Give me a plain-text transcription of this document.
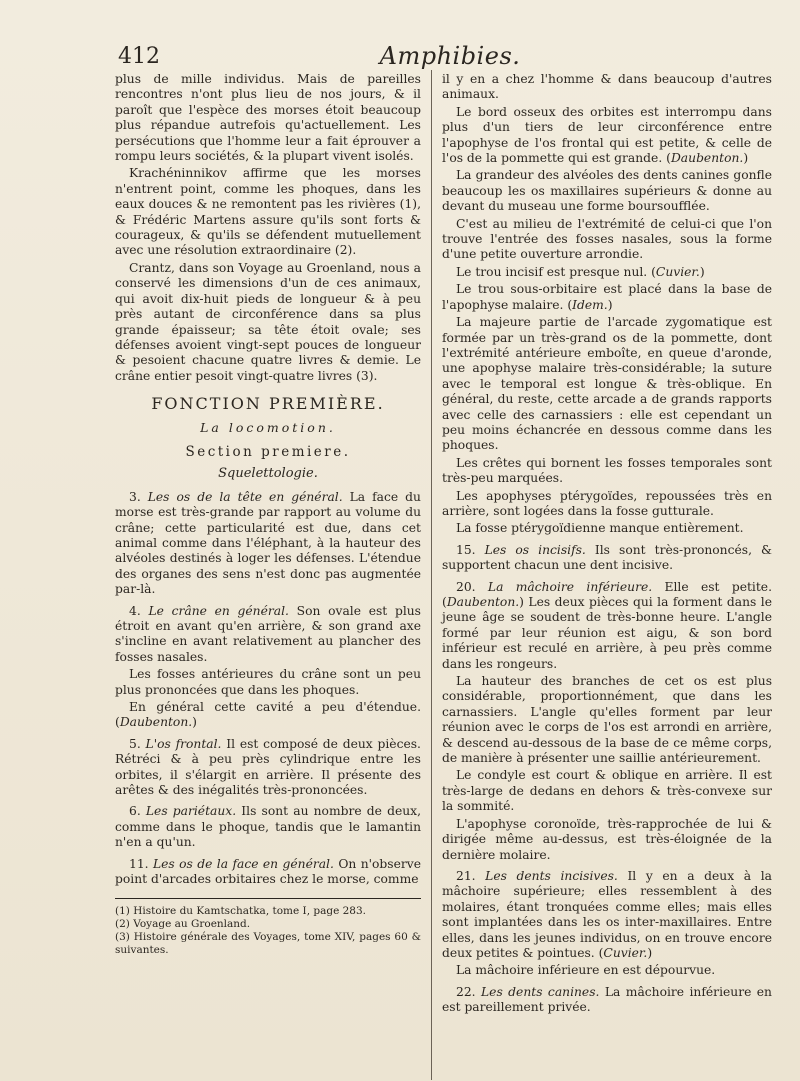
412	Amphibies.

plus de mille individus. Mais de pareilles rencontres n'ont plus lieu de nos jours, & il paroît que l'espèce des morses étoit beaucoup plus répandue autrefois qu'actuellement. Les persécutions que l'homme leur a fait éprouver a rompu leurs sociétés, & la plupart vivent isolés.

Krachéninnikov affirme que les morses n'entrent point, comme les phoques, dans les eaux douces & ne remontent pas les rivières (1), & Frédéric Martens assure qu'ils sont forts & courageux, & qu'ils se défendent mutuellement avec une résolution extraordinaire (2).

Crantz, dans son Voyage au Groenland, nous a conservé les dimensions d'un de ces animaux, qui avoit dix-huit pieds de longueur & à peu près autant de circonférence dans sa plus grande épaisseur; sa tête étoit ovale; ses défenses avoient vingt-sept pouces de longueur & pesoient chacune quatre livres & demie. Le crâne entier pesoit vingt-quatre livres (3).

FONCTION PREMIÈRE.
La locomotion.
Section premiere.
Squelettologie.

3. Les os de la tête en général. La face du morse est très-grande par rapport au volume du crâne; cette particularité est due, dans cet animal comme dans l'éléphant, à la hauteur des alvéoles destinés à loger les défenses. L'étendue des organes des sens n'est donc pas augmentée par-là.

4. Le crâne en général. Son ovale est plus étroit en avant qu'en arrière, & son grand axe s'incline en avant relativement au plancher des fosses nasales.

Les fosses antérieures du crâne sont un peu plus prononcées que dans les phoques.

En général cette cavité a peu d'étendue. (Daubenton.)

5. L'os frontal. Il est composé de deux pièces. Rétréci & à peu près cylindrique entre les orbites, il s'élargit en arrière. Il présente des arêtes & des inégalités très-prononcées.

6. Les pariétaux. Ils sont au nombre de deux, comme dans le phoque, tandis que le lamantin n'en a qu'un.

11. Les os de la face en général. On n'observe point d'arcades orbitaires chez le morse, comme

(1) Histoire du Kamtschatka, tome I, page 283.

(2) Voyage au Groenland.

(3) Histoire générale des Voyages, tome XIV, pages 60 & suivantes.

il y en a chez l'homme & dans beaucoup d'autres animaux.

Le bord osseux des orbites est interrompu dans plus d'un tiers de leur circonférence entre l'apophyse de l'os frontal qui est petite, & celle de l'os de la pommette qui est grande. (Daubenton.)

La grandeur des alvéoles des dents canines gonfle beaucoup les os maxillaires supérieurs & donne au devant du museau une forme boursoufflée.

C'est au milieu de l'extrémité de celui-ci que l'on trouve l'entrée des fosses nasales, sous la forme d'une petite ouverture arrondie.

Le trou incisif est presque nul. (Cuvier.)

Le trou sous-orbitaire est placé dans la base de l'apophyse malaire. (Idem.)

La majeure partie de l'arcade zygomatique est formée par un très-grand os de la pommette, dont l'extrémité antérieure emboîte, en queue d'aronde, une apophyse malaire très-considérable; la suture avec le temporal est longue & très-oblique. En général, du reste, cette arcade a de grands rapports avec celle des carnassiers : elle est cependant un peu moins échancrée en dessous comme dans les phoques.

Les crêtes qui bornent les fosses temporales sont très-peu marquées.

Les apophyses ptérygoïdes, repoussées très en arrière, sont logées dans la fosse gutturale.

La fosse ptérygoïdienne manque entièrement.

15. Les os incisifs. Ils sont très-prononcés, & supportent chacun une dent incisive.

20. La mâchoire inférieure. Elle est petite. (Daubenton.) Les deux pièces qui la forment dans le jeune âge se soudent de très-bonne heure. L'angle formé par leur réunion est aigu, & son bord inférieur est reculé en arrière, à peu près comme dans les rongeurs.

La hauteur des branches de cet os est plus considérable, proportionnément, que dans les carnassiers. L'angle qu'elles forment par leur réunion avec le corps de l'os est arrondi en arrière, & descend au-dessous de la base de ce même corps, de manière à présenter une saillie antérieurement.

Le condyle est court & oblique en arrière. Il est très-large de dedans en dehors & très-convexe sur la sommité.

L'apophyse coronoïde, très-rapprochée de lui & dirigée même au-dessus, est très-éloignée de la dernière molaire.

21. Les dents incisives. Il y en a deux à la mâchoire supérieure; elles ressemblent à des molaires, étant tronquées comme elles; mais elles sont implantées dans les os inter-maxillaires. Entre elles, dans les jeunes individus, on en trouve encore deux petites & pointues. (Cuvier.)

La mâchoire inférieure en est dépourvue.

22. Les dents canines. La mâchoire inférieure en est pareillement privée.
